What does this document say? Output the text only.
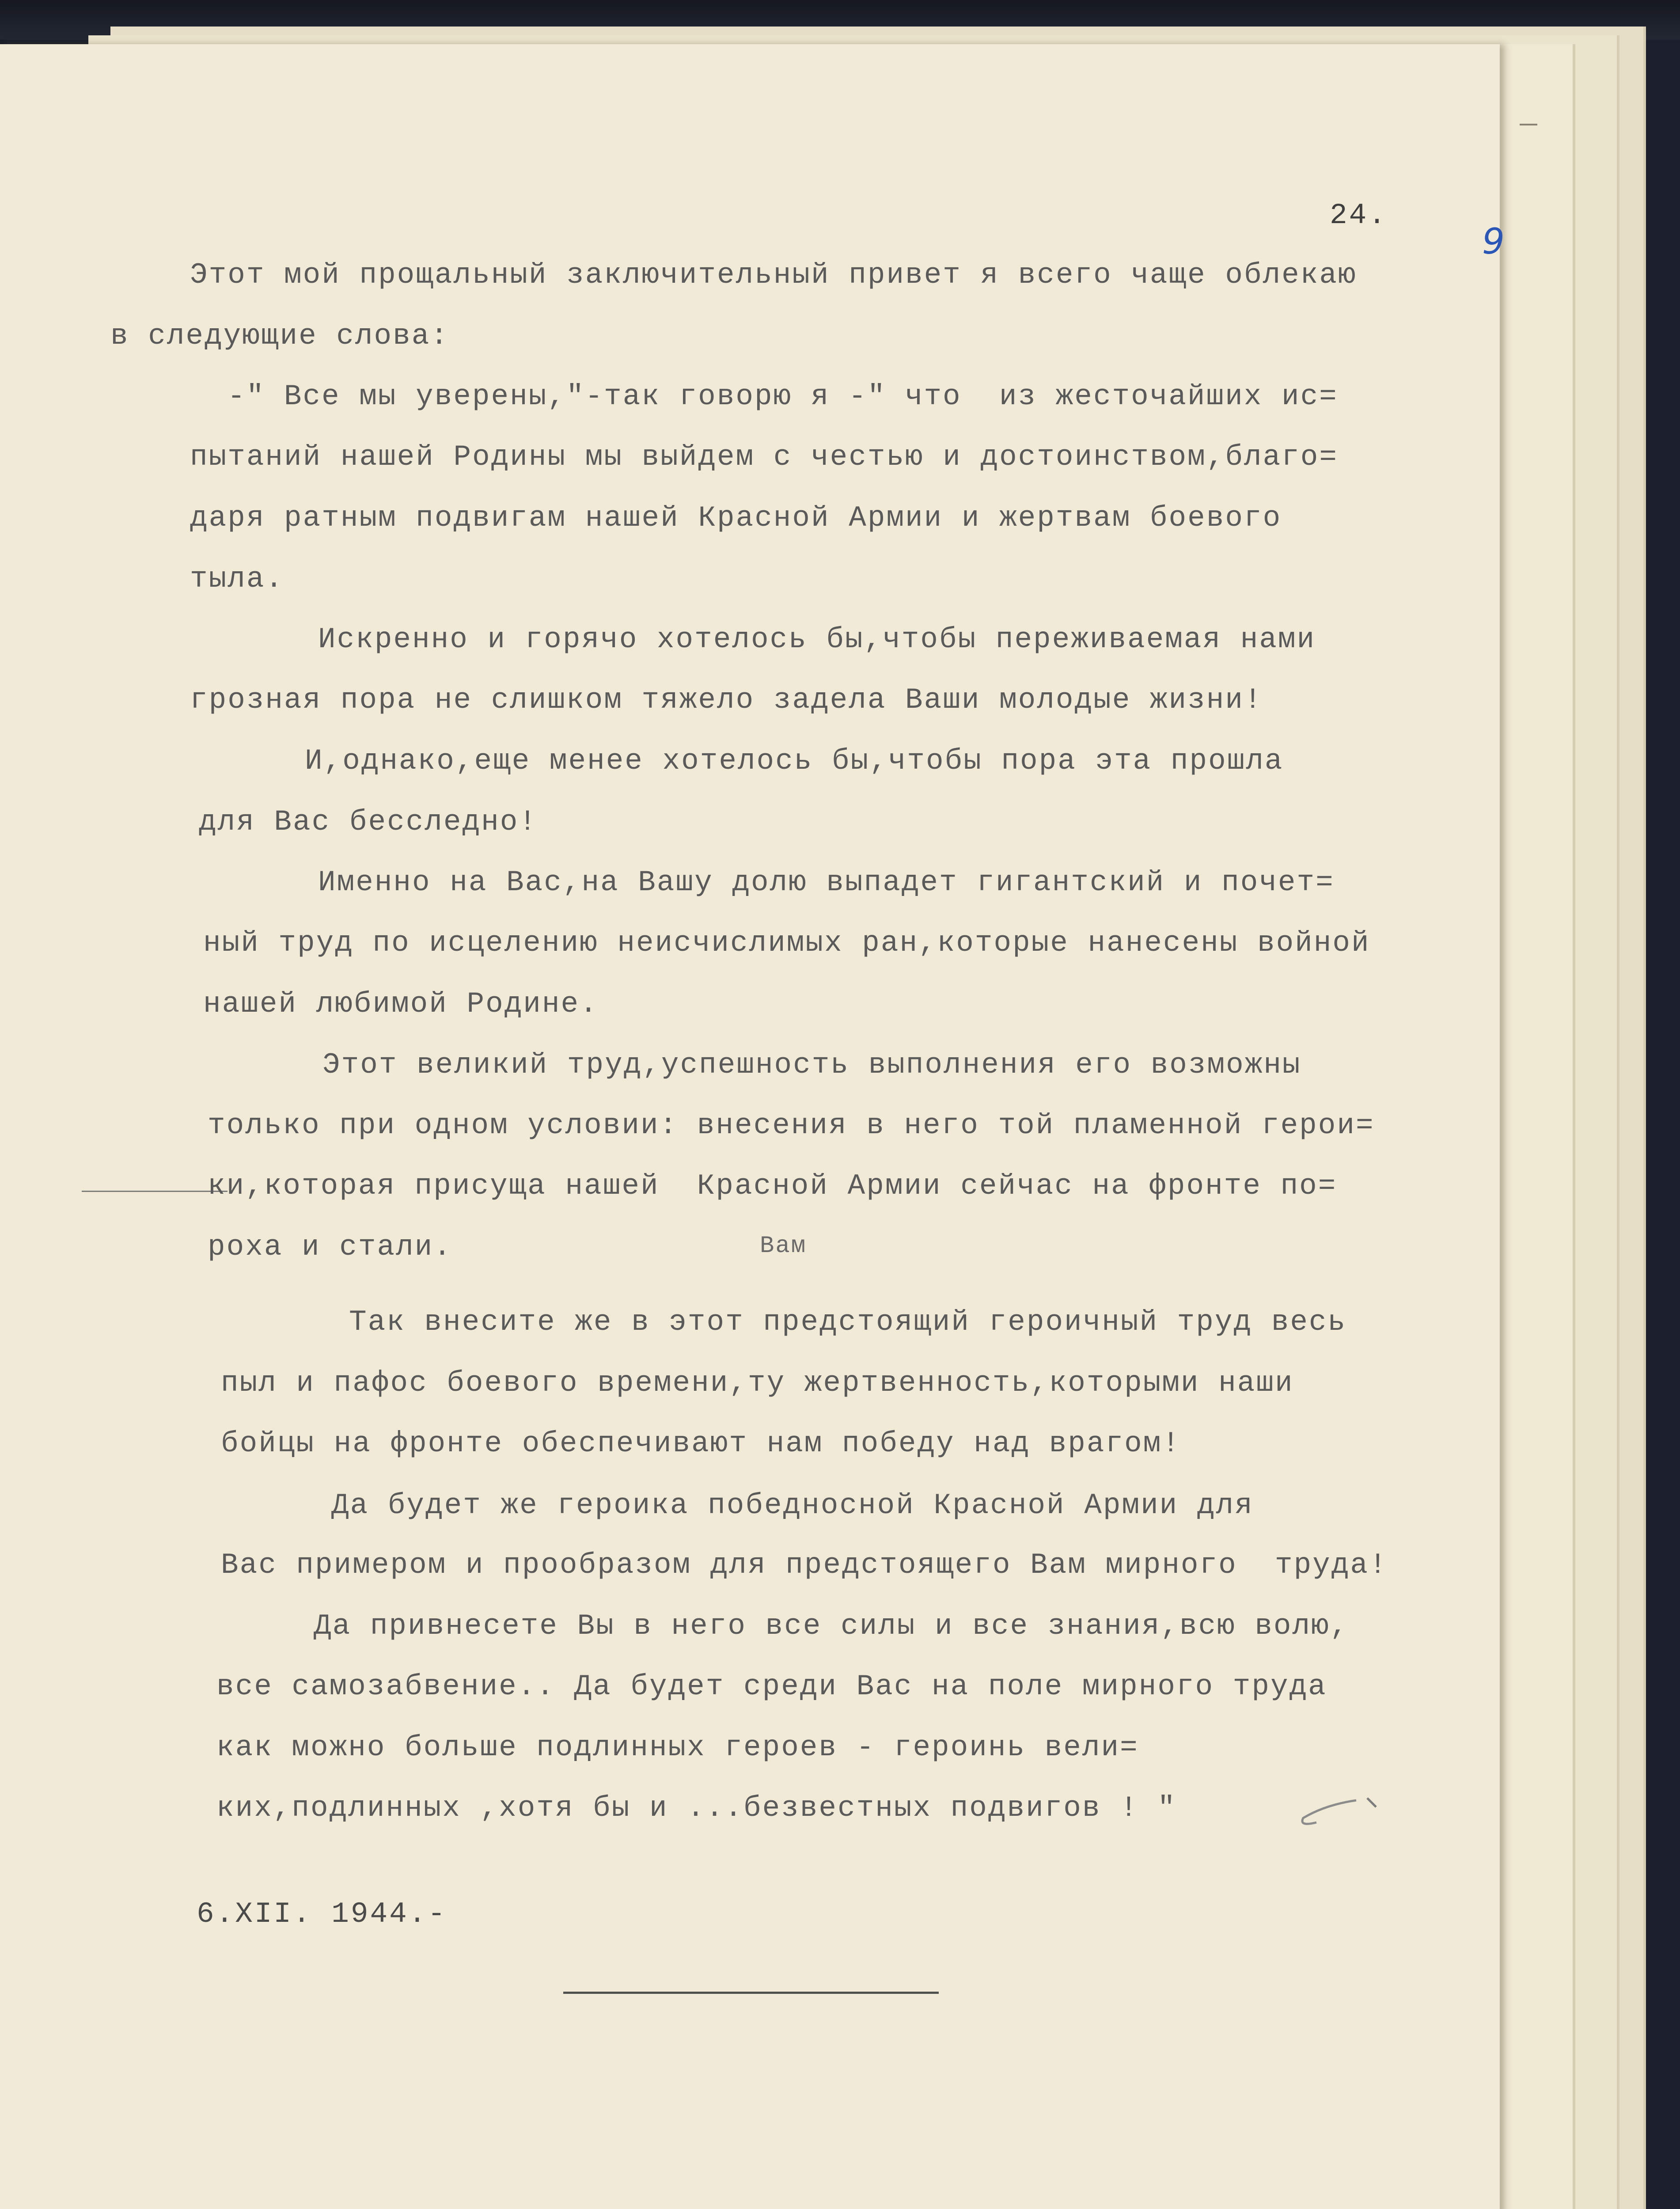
24.
9
Вам
Этот мой прощальный заключительный привет я всего чаще облекаю
в следующие слова:
-" Все мы уверены,"-так говорю я -" что  из жесточайших ис=
пытаний нашей Родины мы выйдем с честью и достоинством,благо=
даря ратным подвигам нашей Красной Армии и жертвам боевого
тыла.
Искренно и горячо хотелось бы,чтобы переживаемая нами
грозная пора не слишком тяжело задела Ваши молодые жизни!
И,однако,еще менее хотелось бы,чтобы пора эта прошла
для Вас бесследно!
Именно на Вас,на Вашу долю выпадет гигантский и почет=
ный труд по исцелению неисчислимых ран,которые нанесены войной
нашей любимой Родине.
Этот великий труд,успешность выполнения его возможны
только при одном условии: внесения в него той пламенной герои=
ки,которая присуща нашей  Красной Армии сейчас на фронте по=
роха и стали.
Так внесите же в этот предстоящий героичный труд весь
пыл и пафос боевого времени,ту жертвенность,которыми наши
бойцы на фронте обеспечивают нам победу над врагом!
Да будет же героика победносной Красной Армии для
Вас примером и прообразом для предстоящего Вам мирного  труда!
Да привнесете Вы в него все силы и все знания,всю волю,
все самозабвение.. Да будет среди Вас на поле мирного труда
как можно больше подлинных героев - героинь вели=
ких,подлинных ,хотя бы и ...безвестных подвигов ! "
6.XII. 1944.-
